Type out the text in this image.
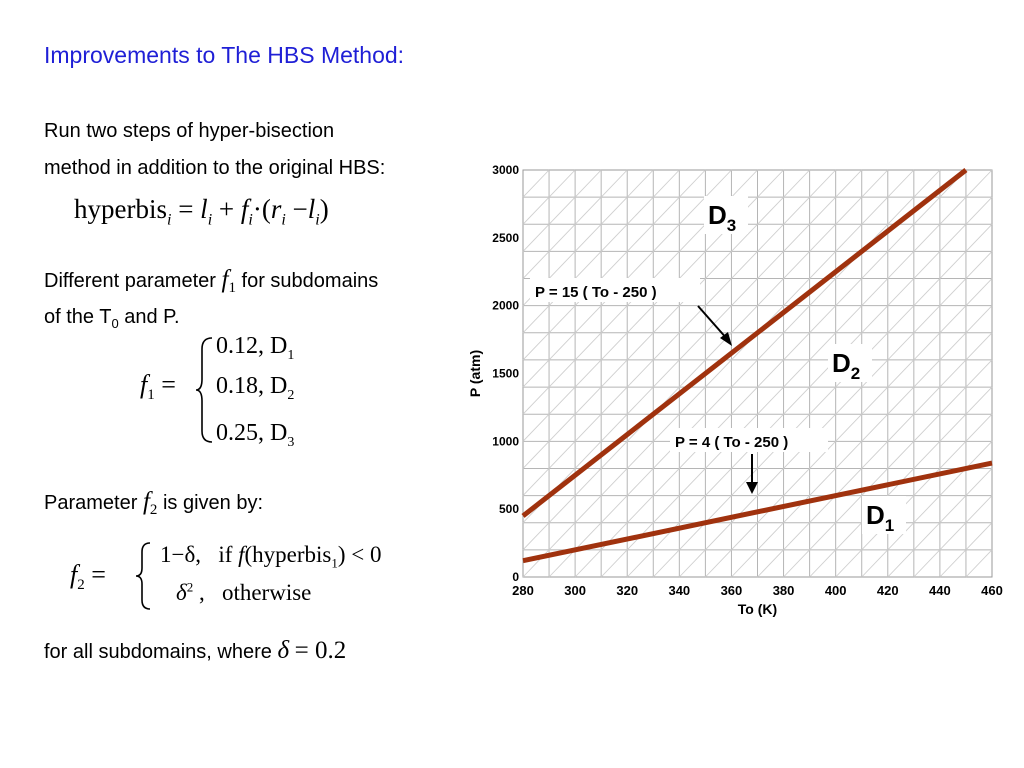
Improvements to The HBS Method:
Run two steps of hyper-bisection
method in addition to the original HBS:
hyperbis$_i$ = $l_i + f_i\cdot(r_i -l_i)$
Different parameter $f_1$ for subdomains
of the $T_0$ and P.
$f_1$ =
0.12, $D_1$
0.18, $D_2$
0.25, $D_3$
Parameter $f_2$ is given by:
$f_2$ =
1−δ, if f(hyperbis$_1$) < 0
$\delta^2$ , otherwise
for all subdomains, where δ = 0.2
280 300 320 340 360 380 400 420 440 460
0
500
1000
1500
2000
2500
3000
To (K)
P (atm)
P = 15 ( To - 250 )
P = 4 ( To - 250 )
$D_3$
$D_2$
$D_1$
